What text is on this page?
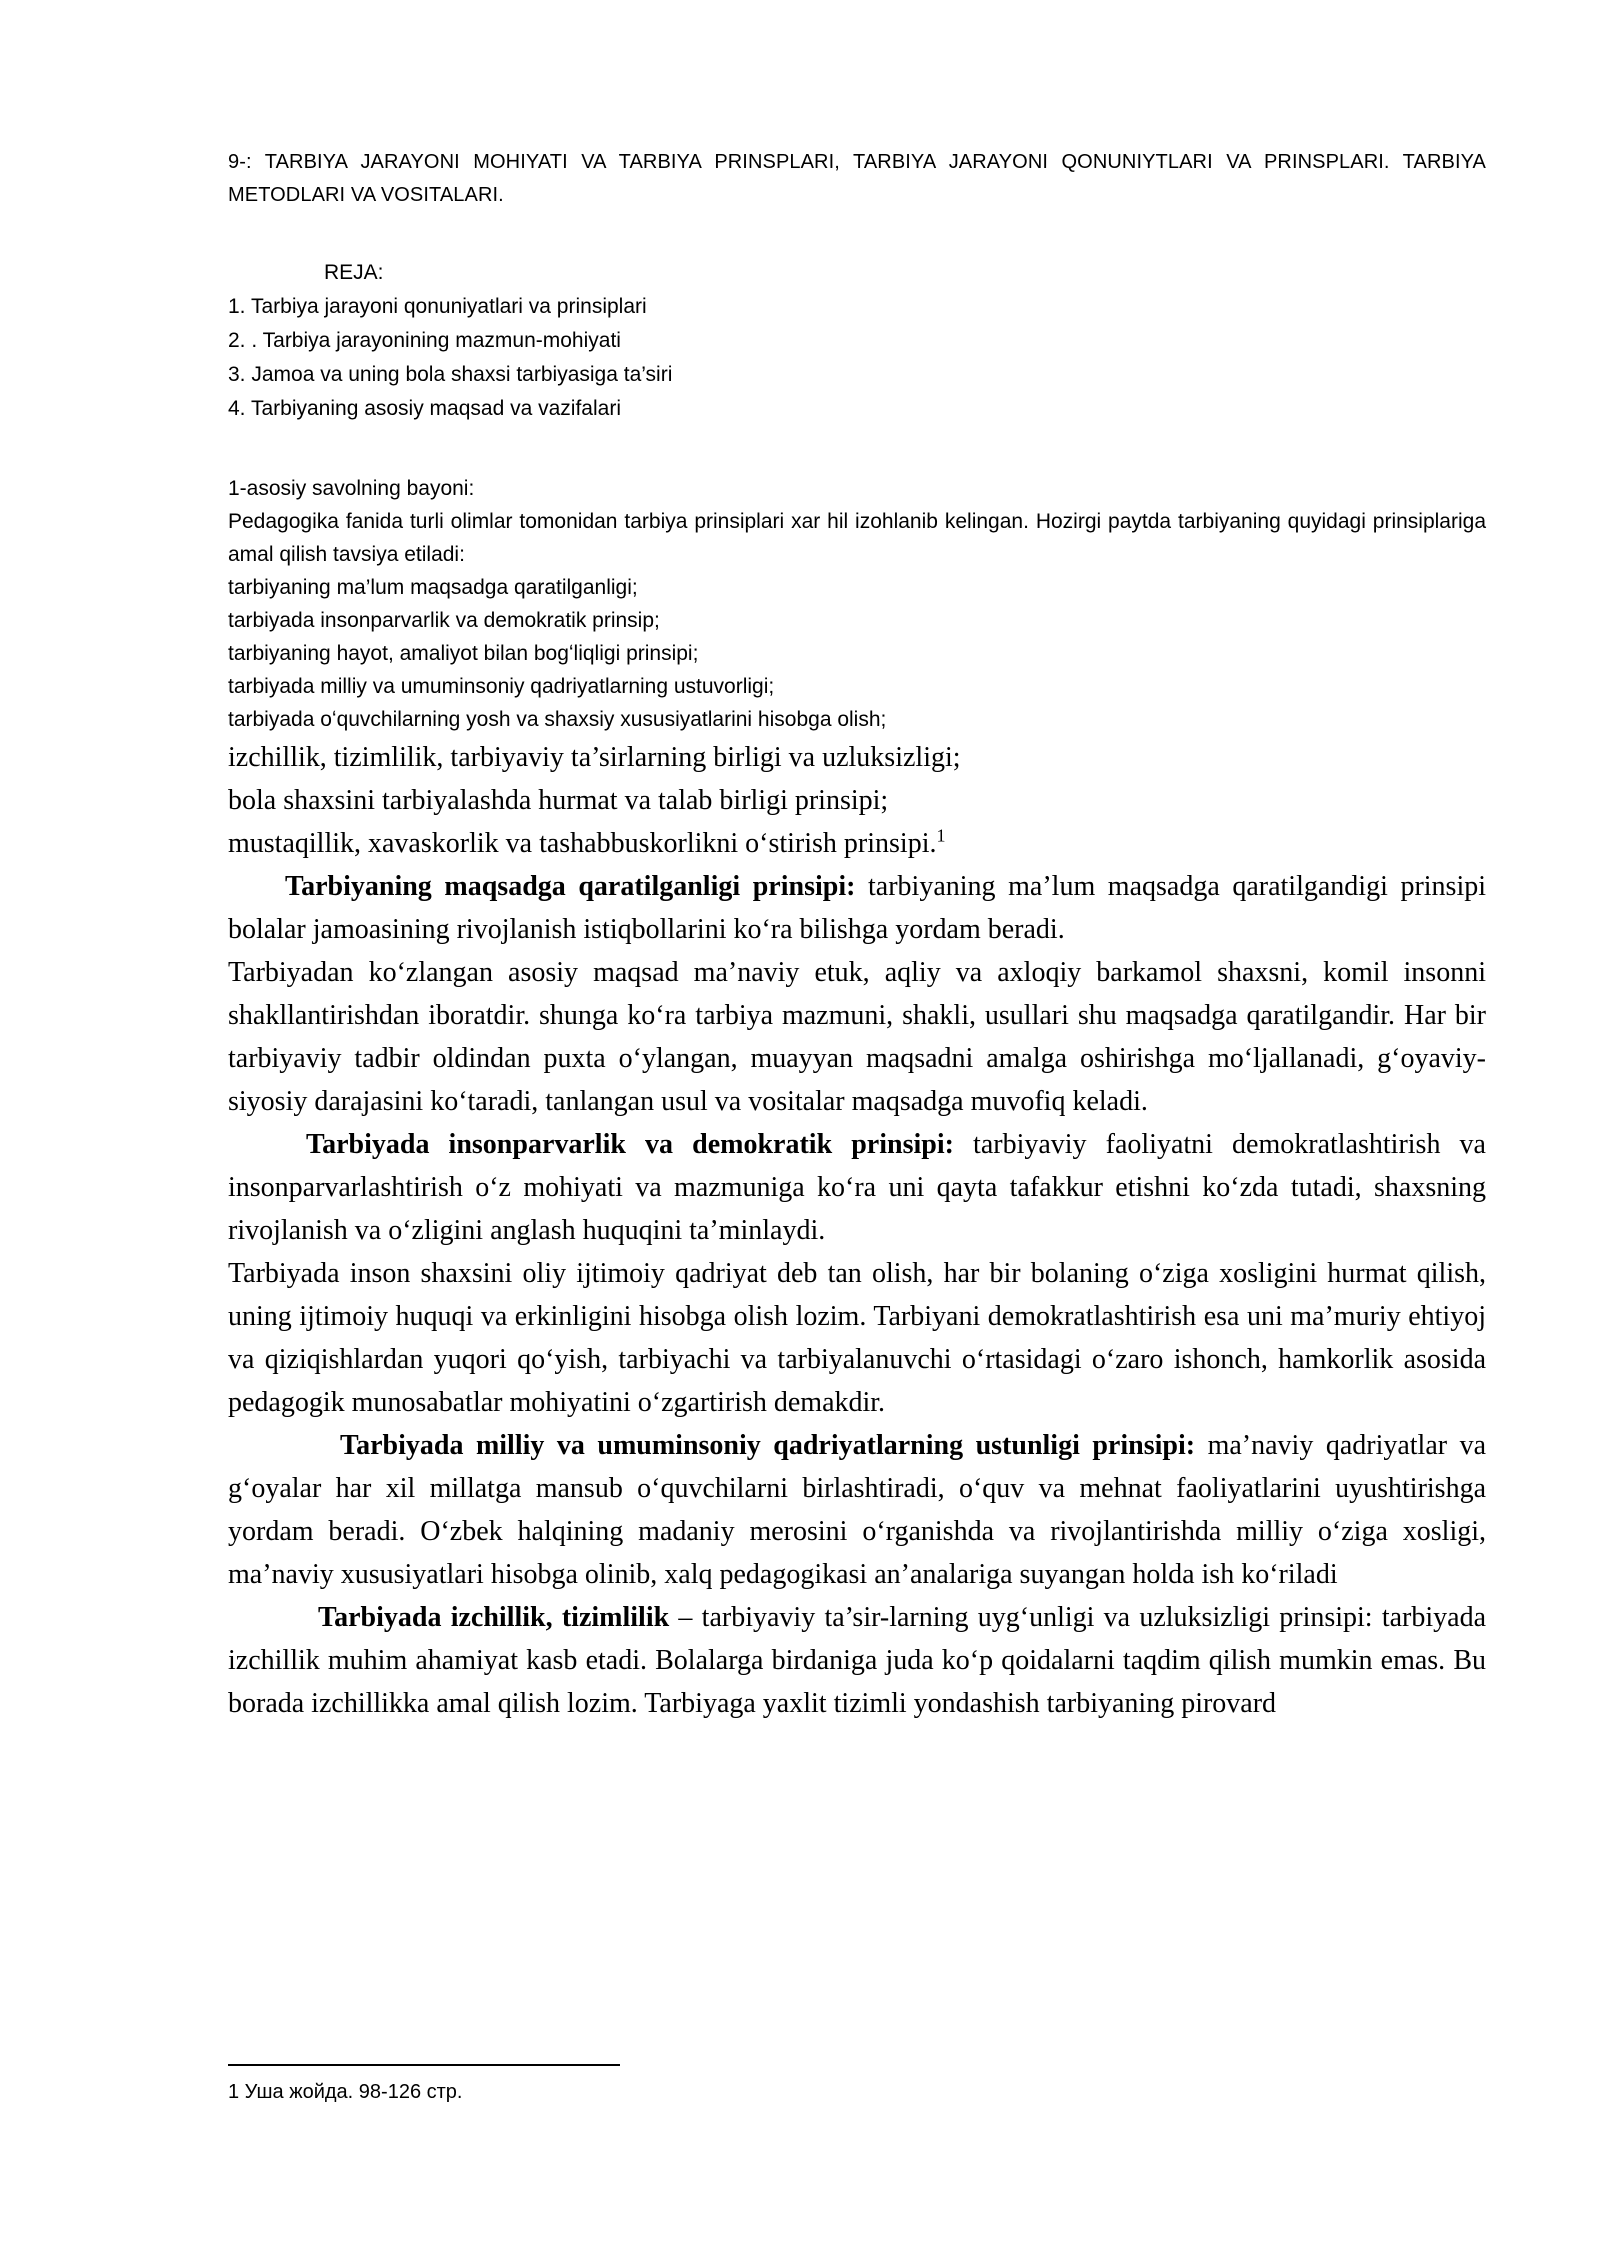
9-: TARBIYA JARAYONI MOHIYATI VA TARBIYA PRINSPLARI, TARBIYA JARAYONI QONUNIYTLARI VA PRINSPLARI. TARBIYA METODLARI VA VOSITALARI.

REJA:

1. Tarbiya jarayoni qonuniyatlari va prinsiplari

2. . Tarbiya jarayonining mazmun-mohiyati

3. Jamoa va uning bola shaxsi tarbiyasiga ta’siri

4. Tarbiyaning asosiy maqsad va vazifalari

1-asosiy savolning bayoni:

Pedagogika fanida turli olimlar tomonidan tarbiya prinsiplari xar hil izohlanib kelingan. Hozirgi paytda tarbiyaning quyidagi prinsiplariga amal qilish tavsiya etiladi:

tarbiyaning ma’lum maqsadga qaratilganligi;

tarbiyada insonparvarlik va demokratik prinsip;

tarbiyaning hayot, amaliyot bilan bogʻliqligi prinsipi;

tarbiyada milliy va umuminsoniy qadriyatlarning ustuvorligi;

tarbiyada oʻquvchilarning yosh va shaxsiy xususiyatlarini hisobga olish;

izchillik, tizimlilik, tarbiyaviy ta’sirlarning birligi va uzluksizligi;

bola shaxsini tarbiyalashda hurmat va talab birligi prinsipi;

mustaqillik, xavaskorlik va tashabbuskorlikni oʻstirish prinsipi.$^1$

Tarbiyaning maqsadga qaratilganligi prinsipi: tarbiyaning ma’lum maqsadga qaratilgandigi prinsipi bolalar jamoasining rivojlanish istiqbollarini koʻra bilishga yordam beradi.

Tarbiyadan koʻzlangan asosiy maqsad ma’naviy etuk, aqliy va axloqiy barkamol shaxsni, komil insonni shakllantirishdan iboratdir. shunga koʻra tarbiya mazmuni, shakli, usullari shu maqsadga qaratilgandir. Har bir tarbiyaviy tadbir oldindan puxta oʻylangan, muayyan maqsadni amalga oshirishga moʻljallanadi, gʻoyaviy-siyosiy darajasini koʻtaradi, tanlangan usul va vositalar maqsadga muvofiq keladi.

Tarbiyada insonparvarlik va demokratik prinsipi: tarbiyaviy faoliyatni demokratlashtirish va insonparvarlashtirish oʻz mohiyati va mazmuniga koʻra uni qayta tafakkur etishni koʻzda tutadi, shaxsning rivojlanish va oʻzligini anglash huquqini ta’minlaydi.

Tarbiyada inson shaxsini oliy ijtimoiy qadriyat deb tan olish, har bir bolaning oʻziga xosligini hurmat qilish, uning ijtimoiy huquqi va erkinligini hisobga olish lozim. Tarbiyani demokratlashtirish esa uni ma’muriy ehtiyoj va qiziqishlardan yuqori qoʻyish, tarbiyachi va tarbiyalanuvchi oʻrtasidagi oʻzaro ishonch, hamkorlik asosida pedagogik munosabatlar mohiyatini oʻzgartirish demakdir.

Tarbiyada milliy va umuminsoniy qadriyatlarning ustunligi prinsipi: ma’naviy qadriyatlar va gʻoyalar har xil millatga mansub oʻquvchilarni birlashtiradi, oʻquv va mehnat faoliyatlarini uyushtirishga yordam beradi. Oʻzbek halqining madaniy merosini oʻrganishda va rivojlantirishda milliy oʻziga xosligi, ma’naviy xususiyatlari hisobga olinib, xalq pedagogikasi an’analariga suyangan holda ish koʻriladi

Tarbiyada izchillik, tizimlilik – tarbiyaviy ta’sir-larning uygʻunligi va uzluksizligi prinsipi: tarbiyada izchillik muhim ahamiyat kasb etadi. Bolalarga birdaniga juda koʻp qoidalarni taqdim qilish mumkin emas. Bu borada izchillikka amal qilish lozim. Tarbiyaga yaxlit tizimli yondashish tarbiyaning pirovard

1 Уша жойда. 98-126 стр.
